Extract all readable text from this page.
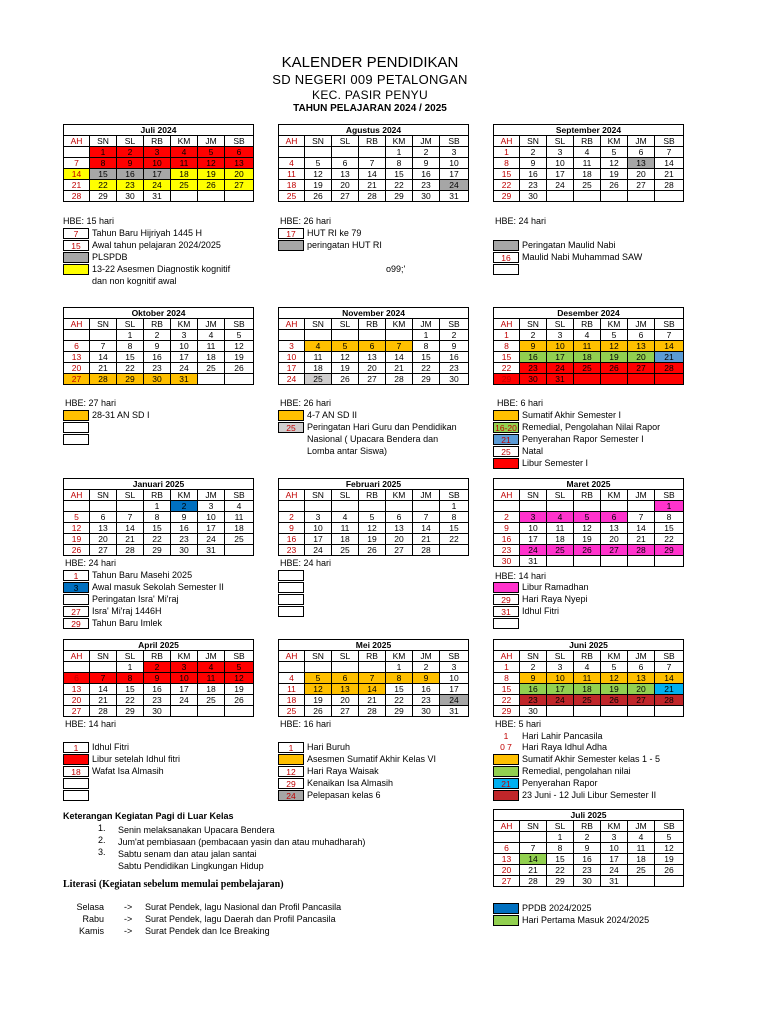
KALENDER PENDIDIKAN
SD NEGERI 009 PETALONGAN
KEC. PASIR PENYU
TAHUN PELAJARAN 2024 / 2025
Juli 2024						
AH	SN	SL	RB	KM	JM	SB
	1	2	3	4	5	6
7	8	9	10	11	12	13
14	15	16	17	18	19	20
21	22	23	24	25	26	27
28	29	30	31			
Agustus 2024						
AH	SN	SL	RB	KM	JM	SB
				1	2	3
4	5	6	7	8	9	10
11	12	13	14	15	16	17
18	19	20	21	22	23	24
25	26	27	28	29	30	31
September 2024						
AH	SN	SL	RB	KM	JM	SB
1	2	3	4	5	6	7
8	9	10	11	12	13	14
15	16	17	18	19	20	21
22	23	24	25	26	27	28
29	30					
Oktober 2024						
AH	SN	SL	RB	KM	JM	SB
		1	2	3	4	5
6	7	8	9	10	11	12
13	14	15	16	17	18	19
20	21	22	23	24	25	26
27	28	29	30	31		
November 2024						
AH	SN	SL	RB	KM	JM	SB
					1	2
3	4	5	6	7	8	9
10	11	12	13	14	15	16
17	18	19	20	21	22	23
24	25	26	27	28	29	30
Desember 2024						
AH	SN	SL	RB	KM	JM	SB
1	2	3	4	5	6	7
8	9	10	11	12	13	14
15	16	17	18	19	20	21
22	23	24	25	26	27	28
29	30	31				
Januari 2025						
AH	SN	SL	RB	KM	JM	SB
			1	2	3	4
5	6	7	8	9	10	11
12	13	14	15	16	17	18
19	20	21	22	23	24	25
26	27	28	29	30	31	
Februari 2025						
AH	SN	SL	RB	KM	JM	SB
						1
2	3	4	5	6	7	8
9	10	11	12	13	14	15
16	17	18	19	20	21	22
23	24	25	26	27	28	
Maret 2025						
AH	SN	SL	RB	KM	JM	SB
						1
2	3	4	5	6	7	8
9	10	11	12	13	14	15
16	17	18	19	20	21	22
23	24	25	26	27	28	29
30	31					
April 2025						
AH	SN	SL	RB	KM	JM	SB
		1	2	3	4	5
6	7	8	9	10	11	12
13	14	15	16	17	18	19
20	21	22	23	24	25	26
27	28	29	30			
Mei 2025						
AH	SN	SL	RB	KM	JM	SB
				1	2	3
4	5	6	7	8	9	10
11	12	13	14	15	16	17
18	19	20	21	22	23	24
25	26	27	28	29	30	31
Juni 2025						
AH	SN	SL	RB	KM	JM	SB
1	2	3	4	5	6	7
8	9	10	11	12	13	14
15	16	17	18	19	20	21
22	23	24	25	26	27	28
29	30					
Juli 2025						
AH	SN	SL	RB	KM	JM	SB
		1	2	3	4	5
6	7	8	9	10	11	12
13	14	15	16	17	18	19
20	21	22	23	24	25	26
27	28	29	30	31		
HBE: 15 hari	HBE: 26 hari	HBE: 24 hari
HBE: 27 hari	HBE: 26 hari	HBE: 6 hari
HBE: 24 hari	HBE: 24 hari
HBE: 14 hari
HBE: 14 hari	HBE: 16 hari	HBE: 5 hari
7	Tahun Baru Hijriyah 1445 H
15	Awal tahun pelajaran 2024/2025
PLSPDB
13-22 Asesmen Diagnostik kognitif
dan non kognitif awal
17	HUT RI ke 79
peringatan HUT RI	Peringatan Maulid Nabi
16	Maulid Nabi Muhammad SAW
28-31 AN SD I	4-7 AN SD II
25	Peringatan Hari Guru dan Pendidikan
Nasional ( Upacara Bendera dan
Lomba antar Siswa)
Sumatif Akhir Semester I
16-20 Remedial, Pengolahan Nilai Rapor
21	Penyerahan Rapor Semester I
25	Natal
Libur Semester I
1	Tahun Baru Masehi 2025
3	Awal masuk Sekolah Semester II
Peringatan Isra' Mi'raj
27	Isra' Mi'raj 1446H
29	Tahun Baru Imlek
Libur Ramadhan
29	Hari Raya Nyepi
31	Idhul Fitri
1	Hari Lahir Pancasila
1	Idhul Fitri
Libur setelah Idhul fitri
18	Wafat Isa Almasih
1	Hari Buruh
Asesmen Sumatif Akhir Kelas VI
12	Hari Raya Waisak
29	Kenaikan Isa Almasih
24	Pelepasan kelas 6
0 7	Hari Raya Idhul Adha
Sumatif Akhir Semester kelas 1 - 5
Remedial, pengolahan nilai
21	Penyerahan Rapor
23 Juni - 12 Juli Libur Semester II
PPDB 2024/2025
Hari Pertama Masuk 2024/2025
o99;'
Keterangan Kegiatan Pagi di Luar Kelas
1. Senin melaksanakan Upacara Bendera
2. Jum'at pembiasaan (pembacaan yasin dan atau muhadharah)
3. Sabtu senam dan atau jalan santai
Sabtu Pendidikan Lingkungan Hidup
Literasi (Kegiatan sebelum memulai pembelajaran)
Selasa -> Surat Pendek, lagu Nasional dan Profil Pancasila
Rabu -> Surat Pendek, lagu Daerah dan Profil Pancasila
Kamis -> Surat Pendek dan Ice Breaking
